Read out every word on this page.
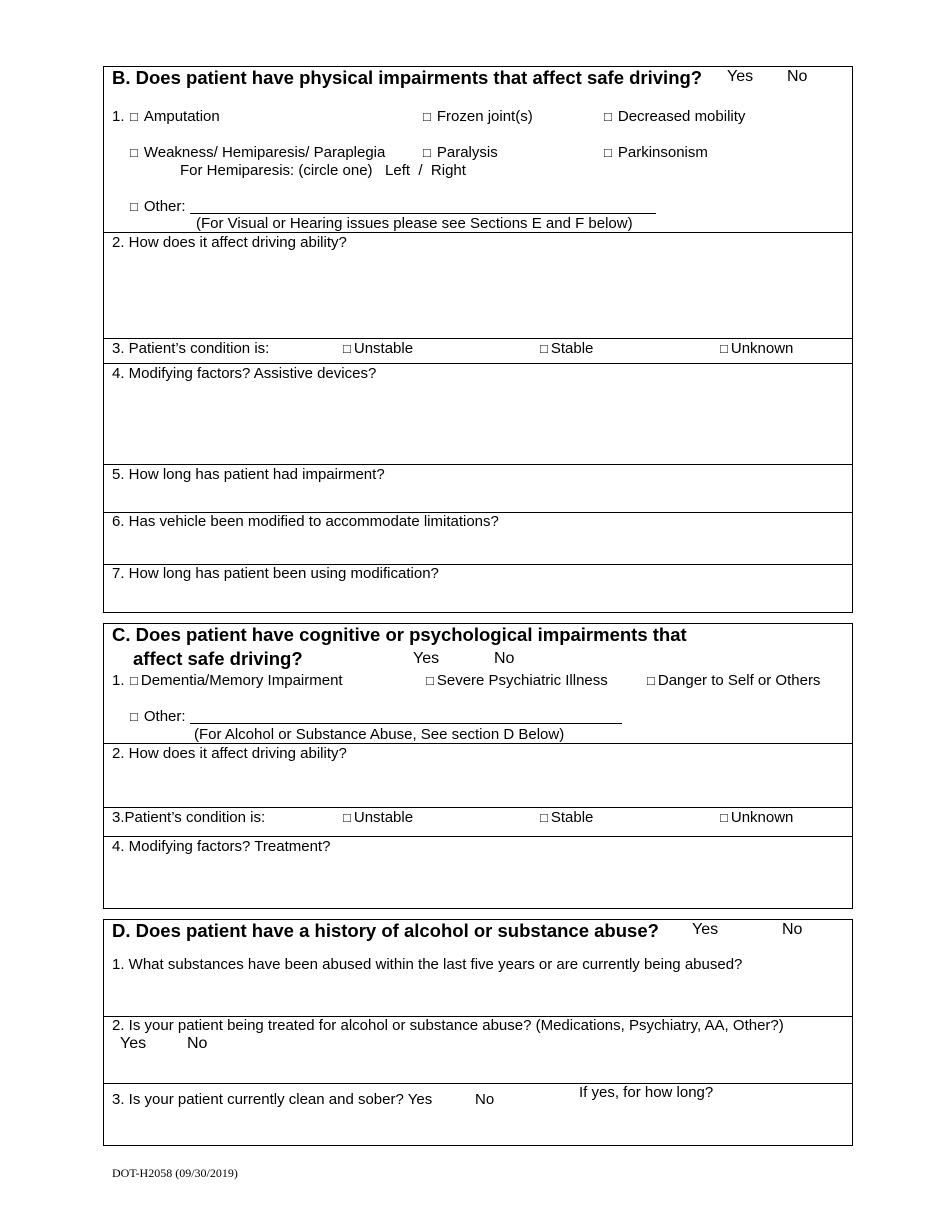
B. Does patient have physical impairments that affect safe driving? Yes No
1. □ Amputation	□ Frozen joint(s)	□ Decreased mobility
□ Weakness/ Hemiparesis/ Paraplegia	□ Paralysis	□ Parkinsonism
For Hemiparesis: (circle one)   Left  /  Right
□ Other:
(For Visual or Hearing issues please see Sections E and F below)
2. How does it affect driving ability?
3. Patient’s condition is:	□ Unstable	□ Stable	□ Unknown
4. Modifying factors? Assistive devices?
5. How long has patient had impairment?
6. Has vehicle been modified to accommodate limitations?
7. How long has patient been using modification?
C. Does patient have cognitive or psychological impairments that
affect safe driving?	Yes	No
1. □ Dementia/Memory Impairment	□ Severe Psychiatric Illness	□ Danger to Self or Others
□ Other:
(For Alcohol or Substance Abuse, See section D Below)
2. How does it affect driving ability?
3.Patient’s condition is:	□ Unstable	□ Stable	□ Unknown
4. Modifying factors? Treatment?
D. Does patient have a history of alcohol or substance abuse? Yes	No
1. What substances have been abused within the last five years or are currently being abused?
2. Is your patient being treated for alcohol or substance abuse? (Medications, Psychiatry, AA, Other?)
Yes	No
3. Is your patient currently clean and sober? Yes	No	If yes, for how long?
DOT-H2058 (09/30/2019)
